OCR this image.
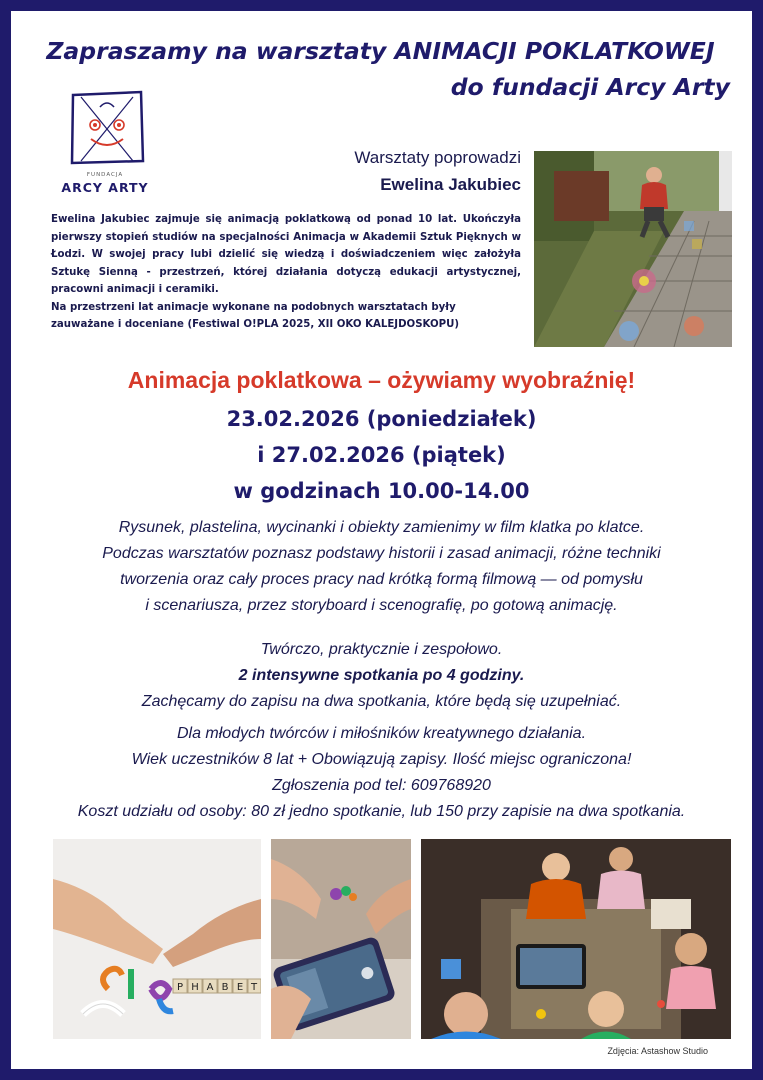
Zapraszamy na warsztaty ANIMACJI POKLATKOWEJ
do fundacji Arcy Arty
FUNDACJA
ARCY ARTY
Warsztaty poprowadzi
Ewelina Jakubiec

Ewelina Jakubiec zajmuje się animacją poklatkową od ponad 10 lat. Ukończyła pierwszy stopień studiów na specjalności Animacja w Akademii Sztuk Pięknych w Łodzi. W swojej pracy lubi dzielić się wiedzą i doświadczeniem więc założyła Sztukę Sienną - przestrzeń, której działania dotyczą edukacji artystycznej, pracowni animacji i ceramiki.

Na przestrzeni lat animacje wykonane na podobnych warsztatach były zauważane i doceniane (Festiwal O!PLA 2025, XII OKO KALEJDOSKOPU)

Animacja poklatkowa – ożywiamy wyobraźnię!
23.02.2026 (poniedziałek)
i 27.02.2026 (piątek)
w godzinach 10.00-14.00
Rysunek, plastelina, wycinanki i obiekty zamienimy w film klatka po klatce.
Podczas warsztatów poznasz podstawy historii i zasad animacji, różne techniki
tworzenia oraz cały proces pracy nad krótką formą filmową — od pomysłu
i scenariusza, przez storyboard i scenografię, po gotową animację.
Twórczo, praktycznie i zespołowo.
2 intensywne spotkania po 4 godziny.
Zachęcamy do zapisu na dwa spotkania, które będą się uzupełniać.
Dla młodych twórców i miłośników kreatywnego działania.
Wiek uczestników 8 lat + Obowiązują zapisy. Ilość miejsc ograniczona!
Zgłoszenia pod tel: 609768920
Koszt udziału od osoby: 80 zł jedno spotkanie, lub 150 przy zapisie na dwa spotkania.
P H A B E T
Zdjęcia: Astashow Studio
